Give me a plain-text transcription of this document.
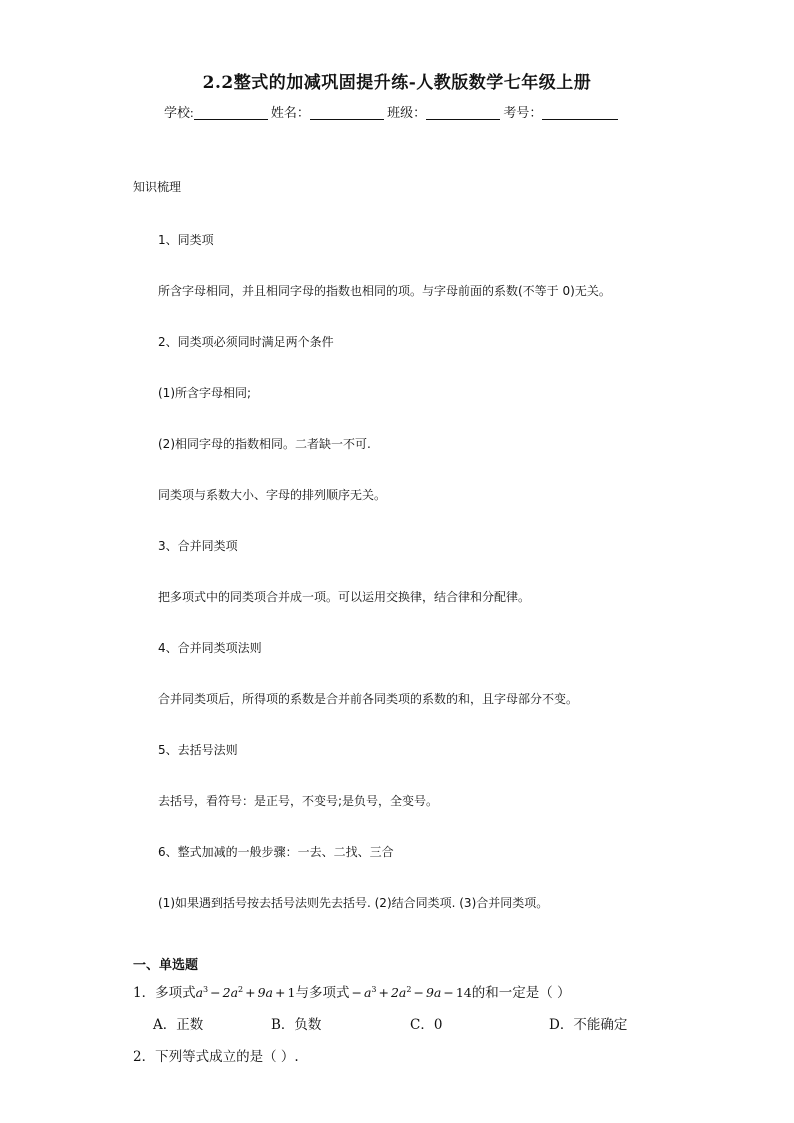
2.2整式的加减巩固提升练-人教版数学七年级上册
学校:	姓名：	班级：	考号：
知识梳理
1、同类项
所含字母相同，并且相同字母的指数也相同的项。与字母前面的系数(不等于 0)无关。
2、同类项必须同时满足两个条件
(1)所含字母相同;
(2)相同字母的指数相同。二者缺一不可.
同类项与系数大小、字母的排列顺序无关。
3、合并同类项
把多项式中的同类项合并成一项。可以运用交换律，结合律和分配律。
4、合并同类项法则
合并同类项后，所得项的系数是合并前各同类项的系数的和，且字母部分不变。
5、去括号法则
去括号，看符号：是正号，不变号;是负号，全变号。
6、整式加减的一般步骤：一去、二找、三合
(1)如果遇到括号按去括号法则先去括号. (2)结合同类项. (3)合并同类项。
一、单选题
1．多项式$a^3 - 2a^2 + 9a + 1$与多项式 − $a^3 + 2a^2 - 9a - 14$的和一定是（ ）
A．正数	B．负数	C．0	D．不能确定
2．下列等式成立的是（ ）.
